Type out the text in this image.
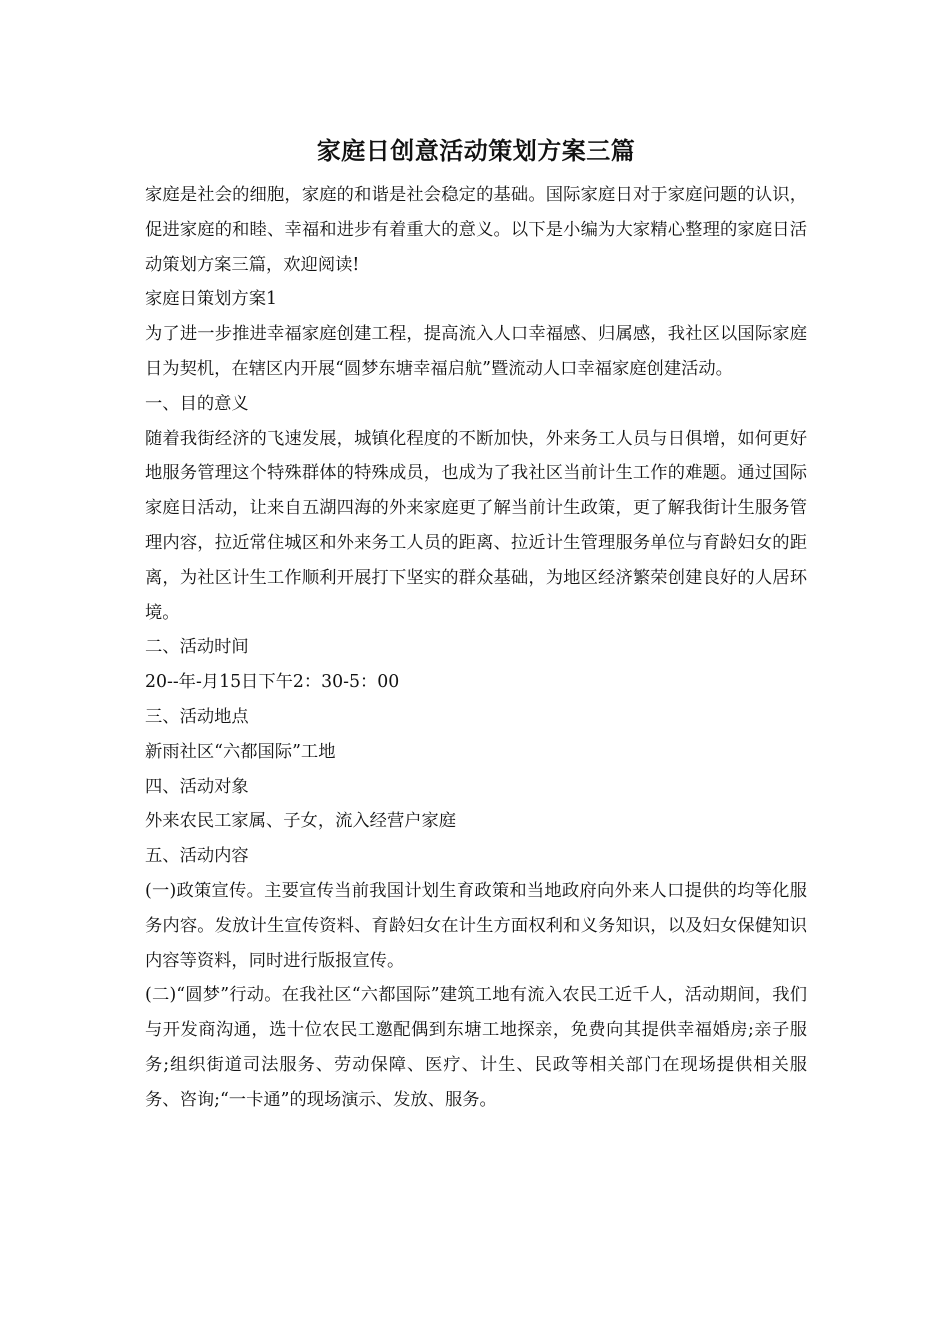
家庭日创意活动策划方案三篇

家庭是社会的细胞，家庭的和谐是社会稳定的基础。国际家庭日对于家庭问题的认识，促进家庭的和睦、幸福和进步有着重大的意义。以下是小编为大家精心整理的家庭日活动策划方案三篇，欢迎阅读!

家庭日策划方案1

为了进一步推进幸福家庭创建工程，提高流入人口幸福感、归属感，我社区以国际家庭日为契机，在辖区内开展“圆梦东塘幸福启航”暨流动人口幸福家庭创建活动。

一、目的意义

随着我街经济的飞速发展，城镇化程度的不断加快，外来务工人员与日俱增，如何更好地服务管理这个特殊群体的特殊成员，也成为了我社区当前计生工作的难题。通过国际家庭日活动，让来自五湖四海的外来家庭更了解当前计生政策，更了解我街计生服务管理内容，拉近常住城区和外来务工人员的距离、拉近计生管理服务单位与育龄妇女的距离，为社区计生工作顺利开展打下坚实的群众基础，为地区经济繁荣创建良好的人居环境。

二、活动时间

20--年-月15日下午2：30-5：00

三、活动地点

新雨社区“六都国际”工地

四、活动对象

外来农民工家属、子女，流入经营户家庭

五、活动内容

(一)政策宣传。主要宣传当前我国计划生育政策和当地政府向外来人口提供的均等化服务内容。发放计生宣传资料、育龄妇女在计生方面权利和义务知识，以及妇女保健知识内容等资料，同时进行版报宣传。

(二)“圆梦”行动。在我社区“六都国际”建筑工地有流入农民工近千人，活动期间，我们与开发商沟通，选十位农民工邀配偶到东塘工地探亲，免费向其提供幸福婚房;亲子服务;组织街道司法服务、劳动保障、医疗、计生、民政等相关部门在现场提供相关服务、咨询;“一卡通”的现场演示、发放、服务。
